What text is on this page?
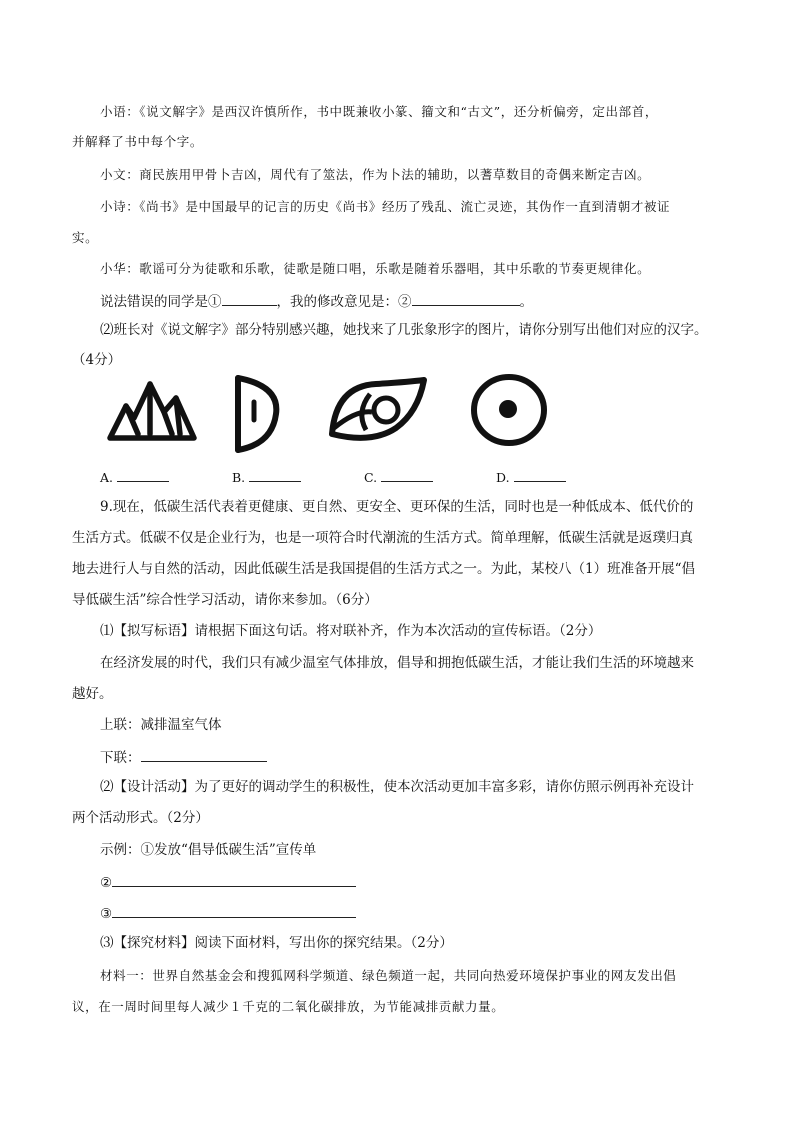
小语：《说文解字》是西汉许慎所作，书中既兼收小篆、籀文和“古文”，还分析偏旁，定出部首，
并解释了书中每个字。
小文：商民族用甲骨卜吉凶，周代有了筮法，作为卜法的辅助，以蓍草数目的奇偶来断定吉凶。
小诗：《尚书》是中国最早的记言的历史《尚书》经历了残乱、流亡灵迹，其伪作一直到清朝才被证
实。
小华：歌谣可分为徒歌和乐歌，徒歌是随口唱，乐歌是随着乐器唱，其中乐歌的节奏更规律化。
说法错误的同学是①	，我的修改意见是：②	。
⑵班长对《说文解字》部分特别感兴趣，她找来了几张象形字的图片，请你分别写出他们对应的汉字。
（4分）
A.	B.	C.	D.
9.现在，低碳生活代表着更健康、更自然、更安全、更环保的生活，同时也是一种低成本、低代价的
生活方式。低碳不仅是企业行为，也是一项符合时代潮流的生活方式。简单理解，低碳生活就是返璞归真
地去进行人与自然的活动，因此低碳生活是我国提倡的生活方式之一。为此，某校八（1）班准备开展“倡
导低碳生活”综合性学习活动，请你来参加。（6分）
⑴【拟写标语】请根据下面这句话。将对联补齐，作为本次活动的宣传标语。（2分）
在经济发展的时代，我们只有减少温室气体排放，倡导和拥抱低碳生活，才能让我们生活的环境越来
越好。
上联：减排温室气体
下联：
⑵【设计活动】为了更好的调动学生的积极性，使本次活动更加丰富多彩，请你仿照示例再补充设计
两个活动形式。（2分）
示例：①发放“倡导低碳生活”宣传单
②
③
⑶【探究材料】阅读下面材料，写出你的探究结果。（2分）
材料一：世界自然基金会和搜狐网科学频道、绿色频道一起，共同向热爱环境保护事业的网友发出倡
议，在一周时间里每人减少１千克的二氧化碳排放，为节能减排贡献力量。
